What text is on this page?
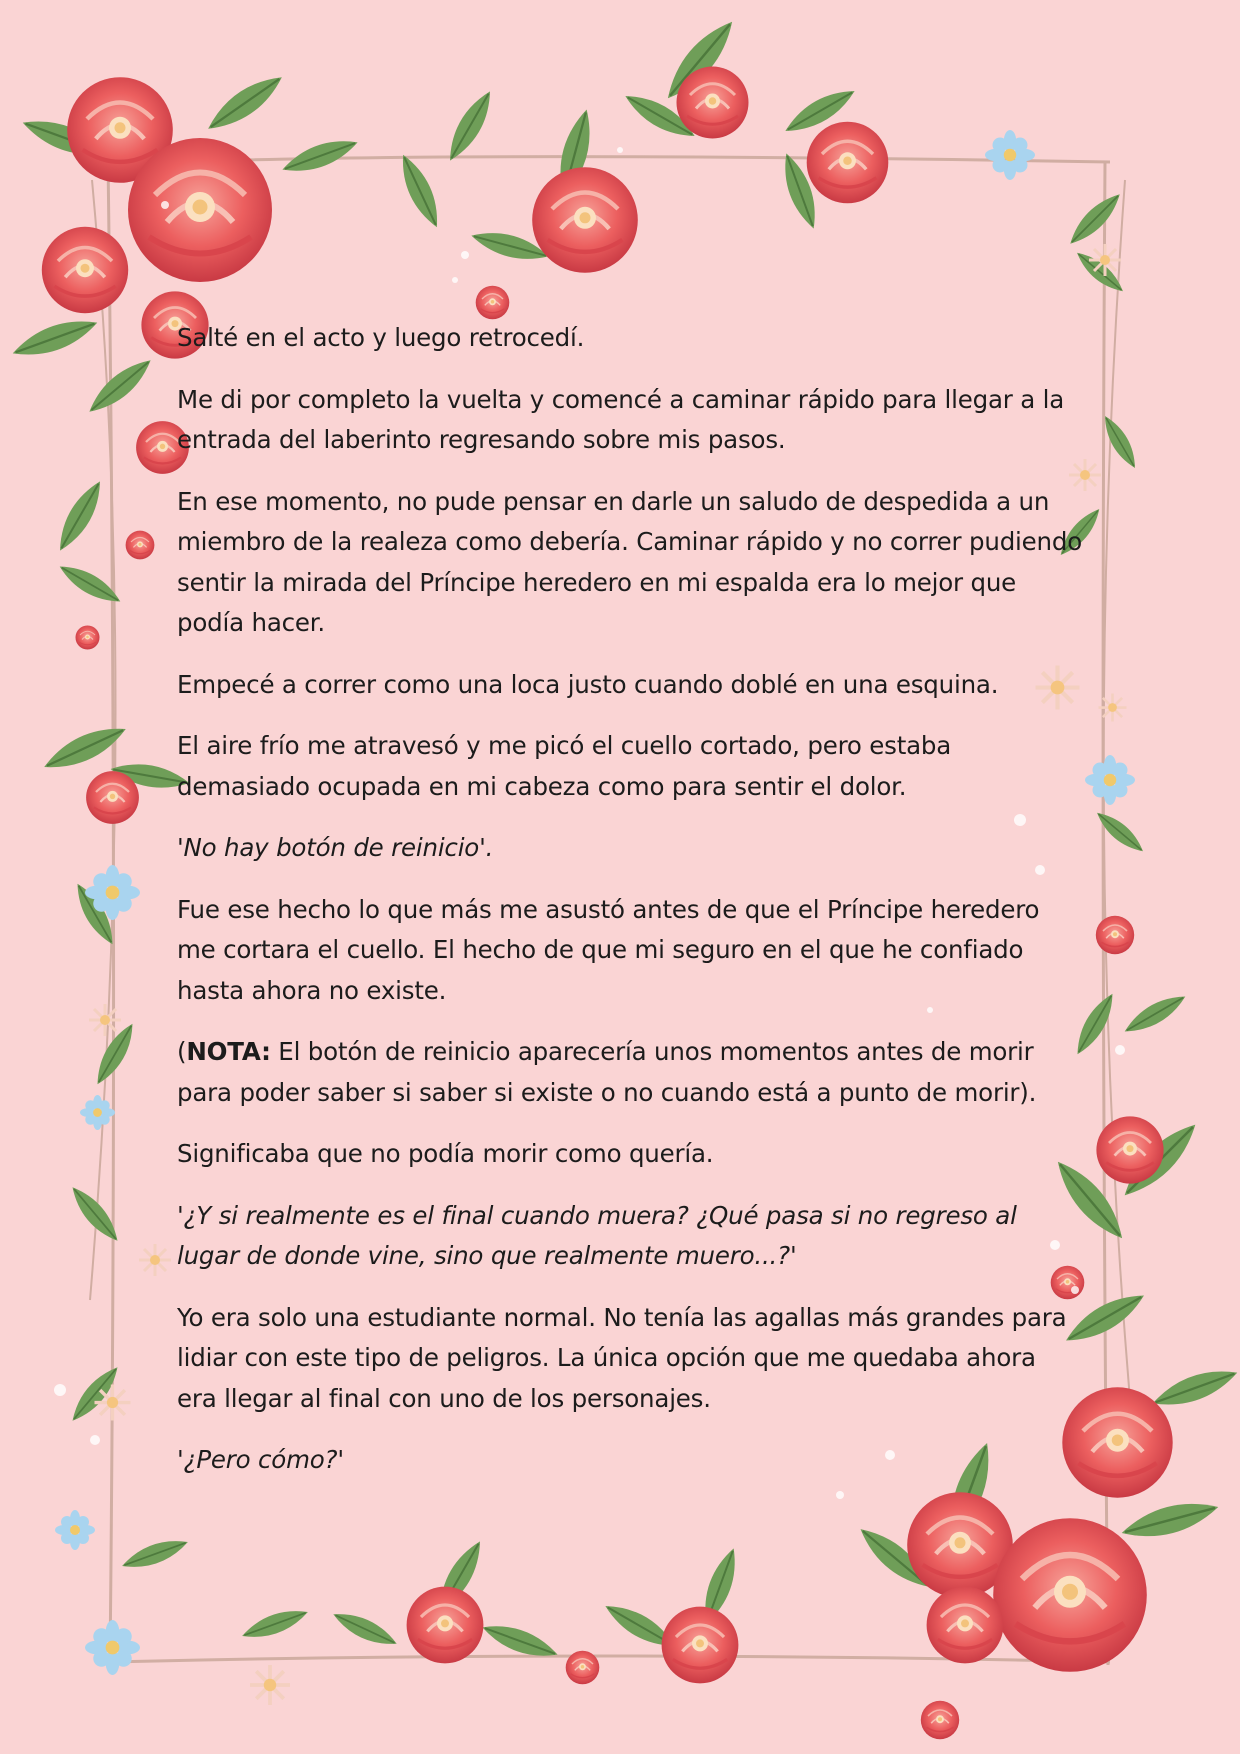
Salté en el acto y luego retrocedí.

Me di por completo la vuelta y comencé a caminar rápido para llegar a la entrada del laberinto regresando sobre mis pasos.

En ese momento, no pude pensar en darle un saludo de despedida a un miembro de la realeza como debería. Caminar rápido y no correr pudiendo sentir la mirada del Príncipe heredero en mi espalda era lo mejor que podía hacer.

Empecé a correr como una loca justo cuando doblé en una esquina.

El aire frío me atravesó y me picó el cuello cortado, pero estaba demasiado ocupada en mi cabeza como para sentir el dolor.

'No hay botón de reinicio'.

Fue ese hecho lo que más me asustó antes de que el Príncipe heredero me cortara el cuello. El hecho de que mi seguro en el que he confiado hasta ahora no existe.

(NOTA: El botón de reinicio aparecería unos momentos antes de morir para poder saber si saber si existe o no cuando está a punto de morir).

Significaba que no podía morir como quería.

'¿Y si realmente es el final cuando muera? ¿Qué pasa si no regreso al lugar de donde vine, sino que realmente muero...?'

Yo era solo una estudiante normal. No tenía las agallas más grandes para lidiar con este tipo de peligros. La única opción que me quedaba ahora era llegar al final con uno de los personajes.

'¿Pero cómo?'
